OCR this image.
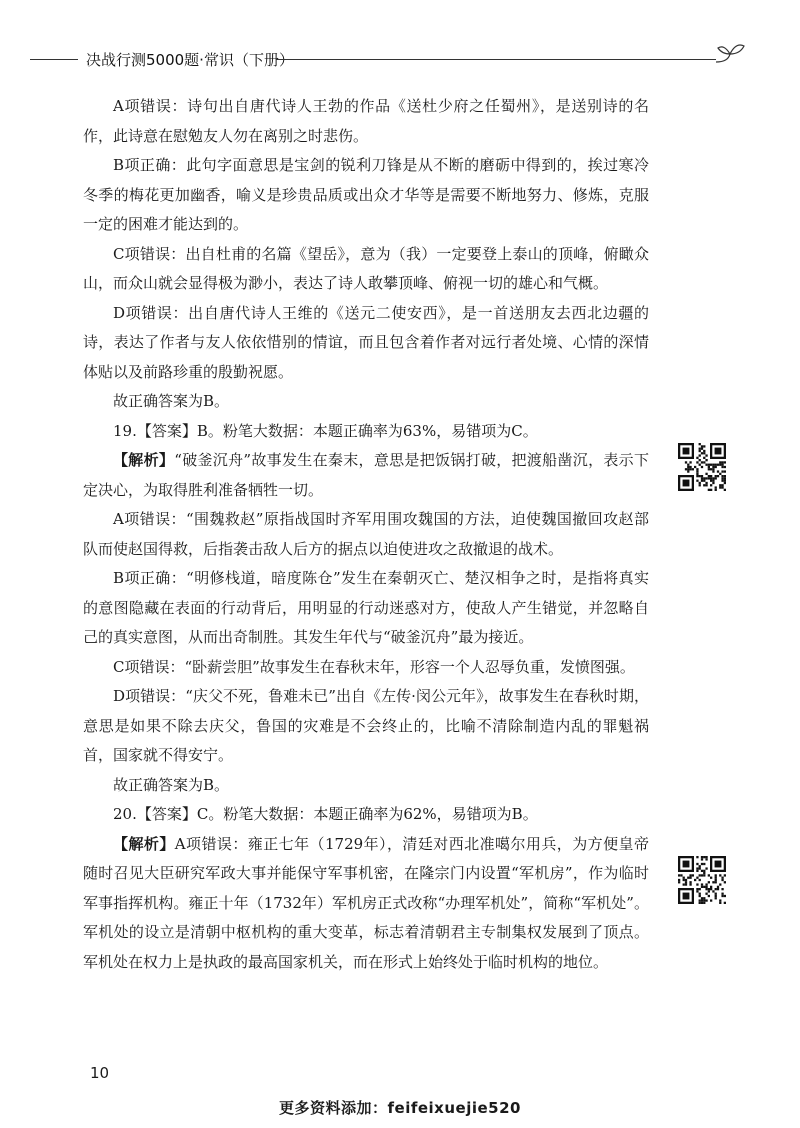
决战行测5000题·常识（下册）

A项错误：诗句出自唐代诗人王勃的作品《送杜少府之任蜀州》，是送别诗的名作，此诗意在慰勉友人勿在离别之时悲伤。

B项正确：此句字面意思是宝剑的锐利刀锋是从不断的磨砺中得到的，挨过寒冷冬季的梅花更加幽香，喻义是珍贵品质或出众才华等是需要不断地努力、修炼，克服一定的困难才能达到的。

C项错误：出自杜甫的名篇《望岳》，意为（我）一定要登上泰山的顶峰，俯瞰众山，而众山就会显得极为渺小，表达了诗人敢攀顶峰、俯视一切的雄心和气概。

D项错误：出自唐代诗人王维的《送元二使安西》，是一首送朋友去西北边疆的诗，表达了作者与友人依依惜别的情谊，而且包含着作者对远行者处境、心情的深情体贴以及前路珍重的殷勤祝愿。

故正确答案为B。

19.【答案】B。粉笔大数据：本题正确率为63%，易错项为C。

【解析】“破釜沉舟”故事发生在秦末，意思是把饭锅打破，把渡船凿沉，表示下定决心，为取得胜利准备牺牲一切。

A项错误：“围魏救赵”原指战国时齐军用围攻魏国的方法，迫使魏国撤回攻赵部队而使赵国得救，后指袭击敌人后方的据点以迫使进攻之敌撤退的战术。

B项正确：“明修栈道，暗度陈仓”发生在秦朝灭亡、楚汉相争之时，是指将真实的意图隐藏在表面的行动背后，用明显的行动迷惑对方，使敌人产生错觉，并忽略自己的真实意图，从而出奇制胜。其发生年代与“破釜沉舟”最为接近。

C项错误：“卧薪尝胆”故事发生在春秋末年，形容一个人忍辱负重，发愤图强。

D项错误：“庆父不死，鲁难未已”出自《左传·闵公元年》，故事发生在春秋时期，意思是如果不除去庆父，鲁国的灾难是不会终止的，比喻不清除制造内乱的罪魁祸首，国家就不得安宁。

故正确答案为B。

20.【答案】C。粉笔大数据：本题正确率为62%，易错项为B。

【解析】A项错误：雍正七年（1729年），清廷对西北准噶尔用兵，为方便皇帝随时召见大臣研究军政大事并能保守军事机密，在隆宗门内设置“军机房”，作为临时军事指挥机构。雍正十年（1732年）军机房正式改称“办理军机处”，简称“军机处”。军机处的设立是清朝中枢机构的重大变革，标志着清朝君主专制集权发展到了顶点。军机处在权力上是执政的最高国家机关，而在形式上始终处于临时机构的地位。

10
更多资料添加：feifeixuejie520
